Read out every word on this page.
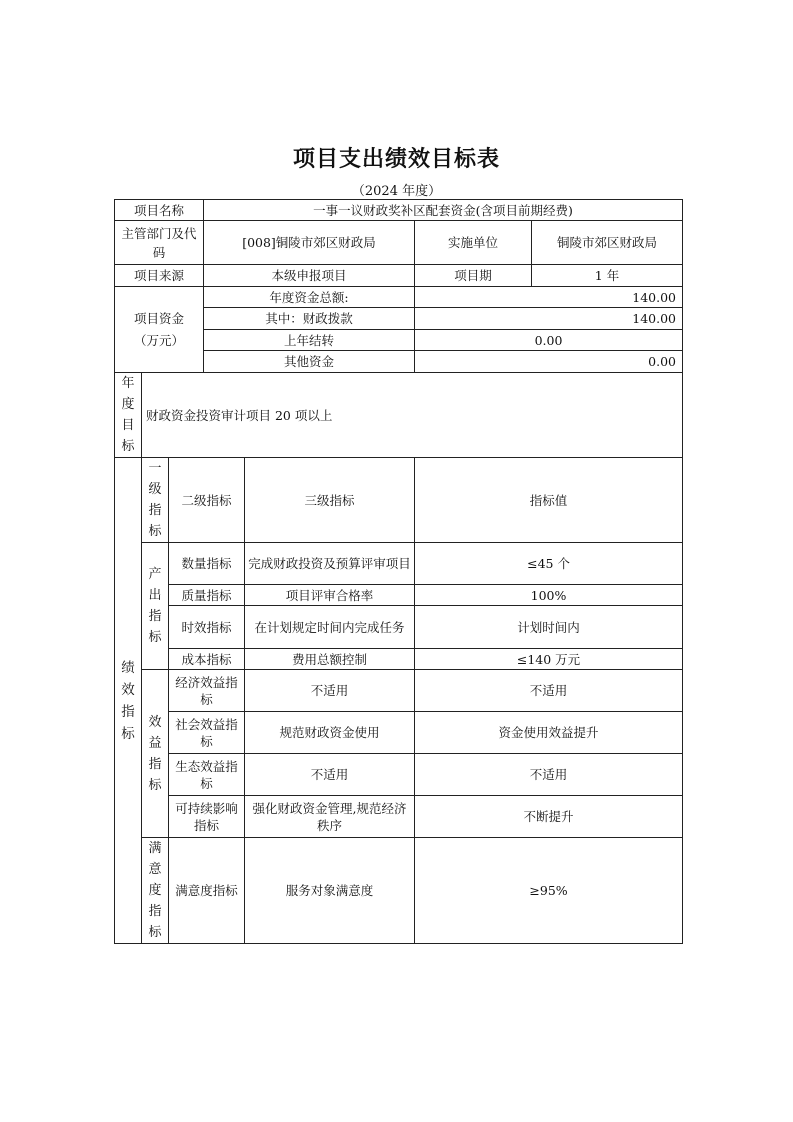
项目支出绩效目标表
（2024 年度）
项目名称	一事一议财政奖补区配套资金(含项目前期经费)		
主管部门及代码	[008]铜陵市郊区财政局	实施单位	铜陵市郊区财政局
项目来源	本级申报项目	项目期	1 年
项目资金（万元）	年度资金总额:	140.00
	其中：财政拨款	140.00
	上年结转	0.00
	其他资金	0.00
年度目标	财政资金投资审计项目 20 项以上			
绩效指标	一级指标	二级指标	三级指标	指标值
	产出指标	数量指标	完成财政投资及预算评审项目	≤45 个
		质量指标	项目评审合格率	100%
		时效指标	在计划规定时间内完成任务	计划时间内
		成本指标	费用总额控制	≤140 万元
	效益指标	经济效益指标	不适用	不适用
		社会效益指标	规范财政资金使用	资金使用效益提升
		生态效益指标	不适用	不适用
		可持续影响指标	强化财政资金管理,规范经济秩序	不断提升
	满意度指标	满意度指标	服务对象满意度	≥95%
